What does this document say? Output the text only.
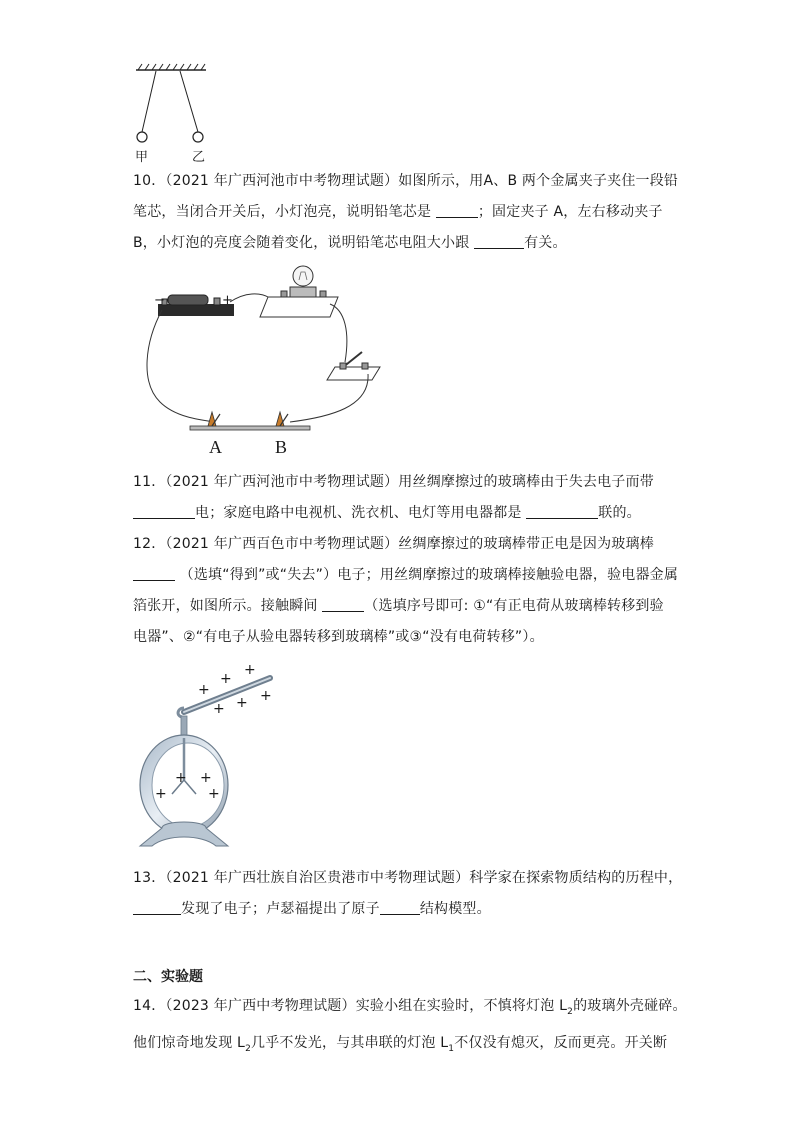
甲	乙
10．（2021 年广西河池市中考物理试题）如图所示，用A、B 两个金属夹子夹住一段铅
笔芯，当闭合开关后，小灯泡亮，说明铅笔芯是	；固定夹子 A，左右移动夹子
B，小灯泡的亮度会随着变化，说明铅笔芯电阻大小跟	有关。
−	+
A	B
11．（2021 年广西河池市中考物理试题）用丝绸摩擦过的玻璃棒由于失去电子而带
电；家庭电路中电视机、洗衣机、电灯等用电器都是	联的。
12．（2021 年广西百色市中考物理试题）丝绸摩擦过的玻璃棒带正电是因为玻璃棒
（选填“得到”或“失去”）电子；用丝绸摩擦过的玻璃棒接触验电器，验电器金属
箔张开，如图所示。接触瞬间	（选填序号即可: ①“有正电荷从玻璃棒转移到验
电器”、②“有电子从验电器转移到玻璃棒”或③“没有电荷转移”）。
+
+
+
+ + +
+
+ +
+
13．（2021 年广西壮族自治区贵港市中考物理试题）科学家在探索物质结构的历程中，
发现了电子；卢瑟福提出了原子	结构模型。
二、实验题
14．（2023 年广西中考物理试题）实验小组在实验时，不慎将灯泡 $L_2$的玻璃外壳碰碎。
他们惊奇地发现 $L_2$几乎不发光，与其串联的灯泡 $L_1$不仅没有熄灭，反而更亮。开关断
